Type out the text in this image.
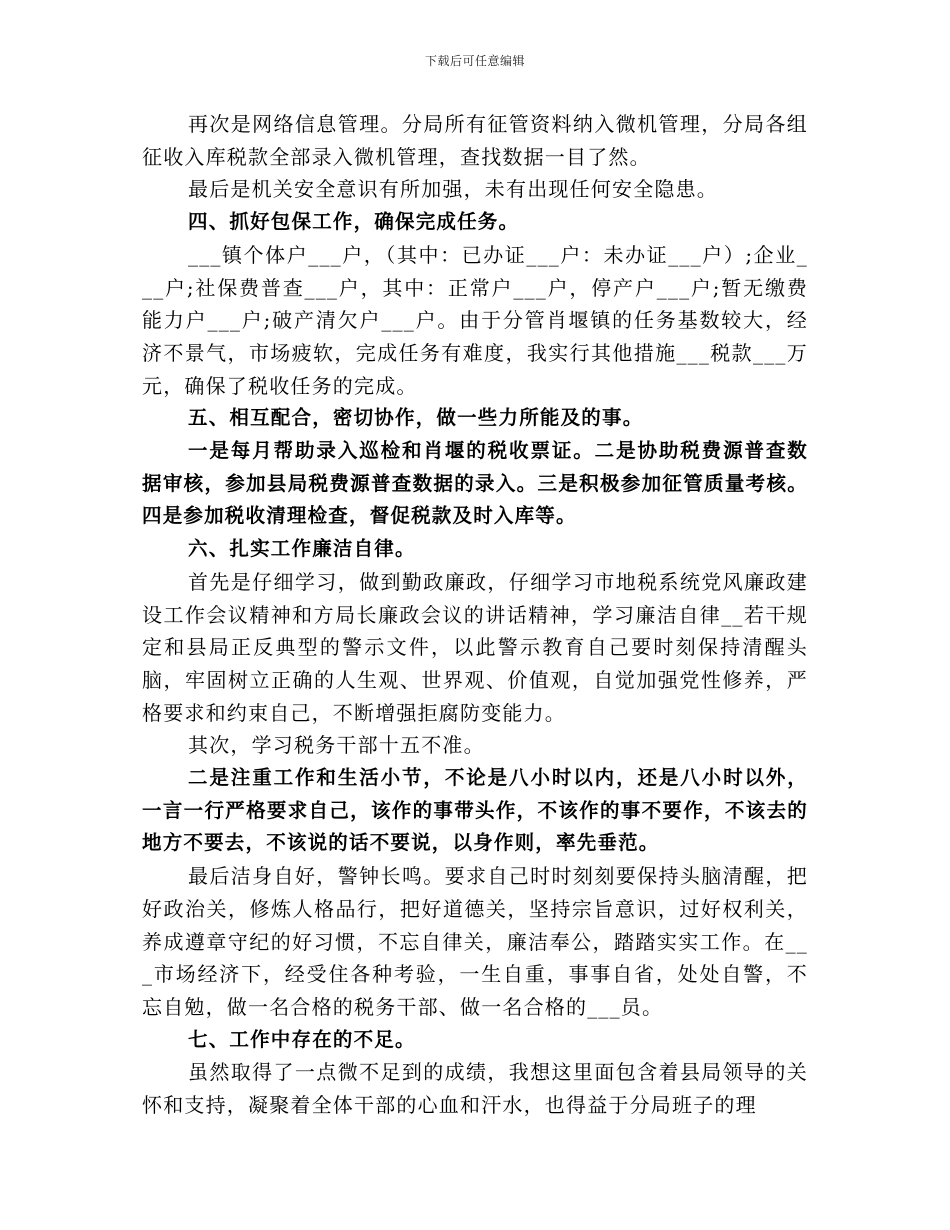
下载后可任意编辑

再次是网络信息管理。分局所有征管资料纳入微机管理，分局各组征收入库税款全部录入微机管理，查找数据一目了然。

最后是机关安全意识有所加强，未有出现任何安全隐患。

四、抓好包保工作，确保完成任务。

___镇个体户___户，（其中：已办证___户：未办证___户）;企业___户;社保费普查___户，其中：正常户___户，停产户___户;暂无缴费能力户___户;破产清欠户___户。由于分管肖堰镇的任务基数较大，经济不景气，市场疲软，完成任务有难度，我实行其他措施___税款___万元，确保了税收任务的完成。

五、相互配合，密切协作，做一些力所能及的事。

一是每月帮助录入巡检和肖堰的税收票证。二是协助税费源普查数据审核，参加县局税费源普查数据的录入。三是积极参加征管质量考核。四是参加税收清理检查，督促税款及时入库等。

六、扎实工作廉洁自律。

首先是仔细学习，做到勤政廉政，仔细学习市地税系统党风廉政建设工作会议精神和方局长廉政会议的讲话精神，学习廉洁自律__若干规定和县局正反典型的警示文件，以此警示教育自己要时刻保持清醒头脑，牢固树立正确的人生观、世界观、价值观，自觉加强党性修养，严格要求和约束自己，不断增强拒腐防变能力。

其次，学习税务干部十五不准。

二是注重工作和生活小节，不论是八小时以内，还是八小时以外，一言一行严格要求自己，该作的事带头作，不该作的事不要作，不该去的地方不要去，不该说的话不要说，以身作则，率先垂范。

最后洁身自好，警钟长鸣。要求自己时时刻刻要保持头脑清醒，把好政治关，修炼人格品行，把好道德关，坚持宗旨意识，过好权利关，养成遵章守纪的好习惯，不忘自律关，廉洁奉公，踏踏实实工作。在___市场经济下，经受住各种考验，一生自重，事事自省，处处自警，不忘自勉，做一名合格的税务干部、做一名合格的___员。

七、工作中存在的不足。

虽然取得了一点微不足到的成绩，我想这里面包含着县局领导的关怀和支持，凝聚着全体干部的心血和汗水，也得益于分局班子的理
